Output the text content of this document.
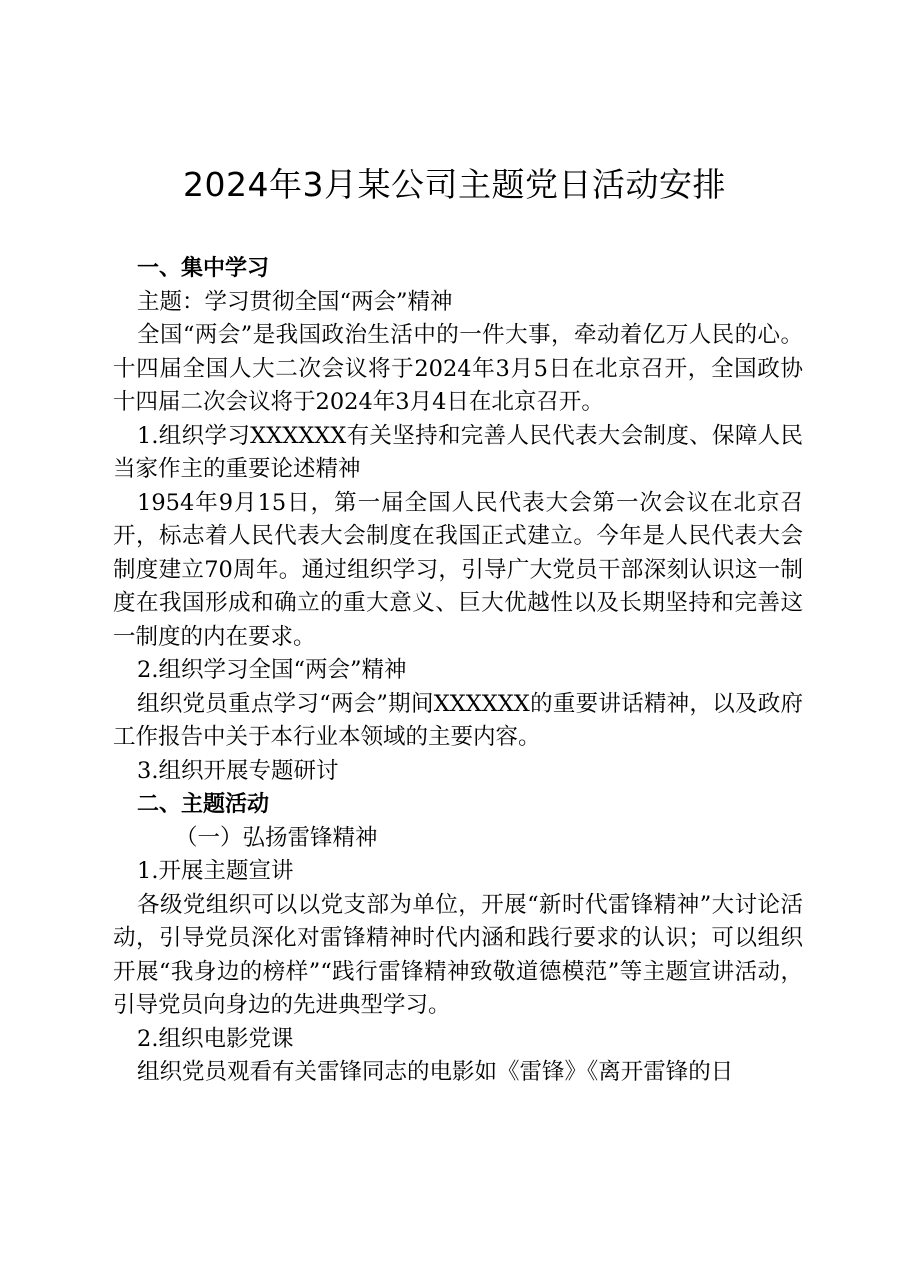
2024年3月某公司主题党日活动安排

一、集中学习

主题：学习贯彻全国“两会”精神

全国“两会”是我国政治生活中的一件大事，牵动着亿万人民的心。十四届全国人大二次会议将于2024年3月5日在北京召开，全国政协十四届二次会议将于2024年3月4日在北京召开。

1.组织学习XXXXXX有关坚持和完善人民代表大会制度、保障人民当家作主的重要论述精神

1954年9月15日，第一届全国人民代表大会第一次会议在北京召开，标志着人民代表大会制度在我国正式建立。今年是人民代表大会制度建立70周年。通过组织学习，引导广大党员干部深刻认识这一制度在我国形成和确立的重大意义、巨大优越性以及长期坚持和完善这一制度的内在要求。

2.组织学习全国“两会”精神

组织党员重点学习“两会”期间XXXXXX的重要讲话精神，以及政府工作报告中关于本行业本领域的主要内容。

3.组织开展专题研讨

二、主题活动

（一）弘扬雷锋精神

1.开展主题宣讲

各级党组织可以以党支部为单位，开展“新时代雷锋精神”大讨论活动，引导党员深化对雷锋精神时代内涵和践行要求的认识；可以组织开展“我身边的榜样”“践行雷锋精神致敬道德模范”等主题宣讲活动，引导党员向身边的先进典型学习。

2.组织电影党课

组织党员观看有关雷锋同志的电影如《雷锋》《离开雷锋的日
